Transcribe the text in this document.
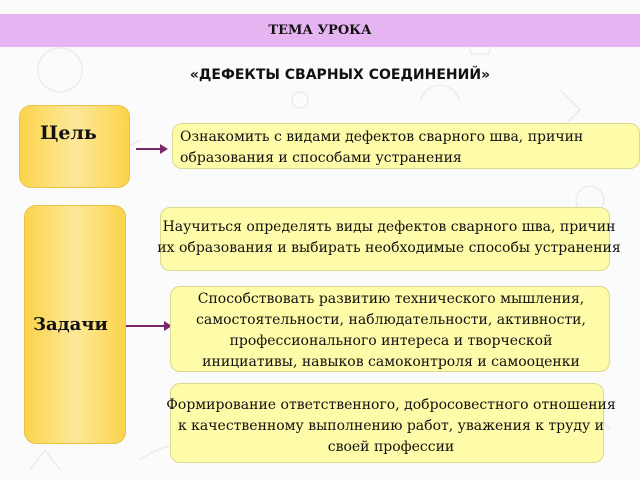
ТЕМА УРОКА
«ДЕФЕКТЫ СВАРНЫХ СОЕДИНЕНИЙ»
Цель	Ознакомить с видами дефектов сварного шва, причин
образования и способами устранения
Задачи
Научиться определять виды дефектов сварного шва, причин
их образования и выбирать необходимые способы устранения
Способствовать развитию технического мышления,
самостоятельности, наблюдательности, активности,
профессионального интереса и творческой
инициативы, навыков самоконтроля и самооценки
Формирование ответственного, добросовестного отношения
к качественному выполнению работ, уважения к труду и
своей профессии
